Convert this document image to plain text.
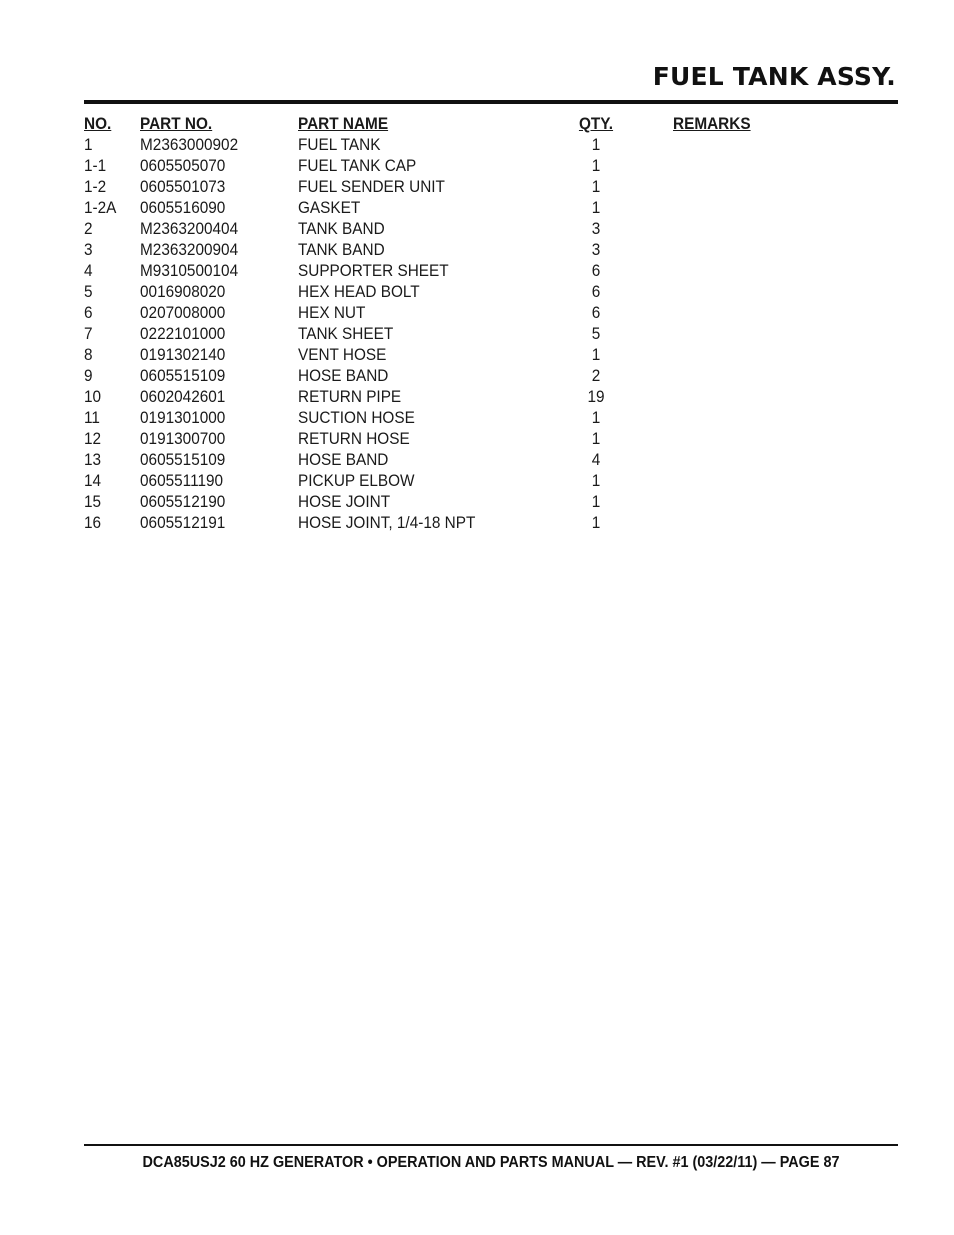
FUEL TANK ASSY.
NO. PART NO.	PART NAME	QTY.	REMARKS
1	M2363000902	FUEL TANK	1
1-1 0605505070	FUEL TANK CAP	1
1-2 0605501073	FUEL SENDER UNIT	1
1-2A 0605516090	GASKET	1
2	M2363200404	TANK BAND	3
3	M2363200904	TANK BAND	3
4	M9310500104	SUPPORTER SHEET	6
5	0016908020	HEX HEAD BOLT	6
6	0207008000	HEX NUT	6
7	0222101000	TANK SHEET	5
8	0191302140	VENT HOSE	1
9	0605515109	HOSE BAND	2
10 0602042601	RETURN PIPE	19
11 0191301000	SUCTION HOSE	1
12 0191300700	RETURN HOSE	1
13 0605515109	HOSE BAND	4
14 0605511190	PICKUP ELBOW	1
15 0605512190	HOSE JOINT	1
16 0605512191	HOSE JOINT, 1/4-18 NPT	1
DCA85USJ2 60 HZ GENERATOR • OPERATION AND PARTS MANUAL — REV. #1 (03/22/11) — PAGE 87
